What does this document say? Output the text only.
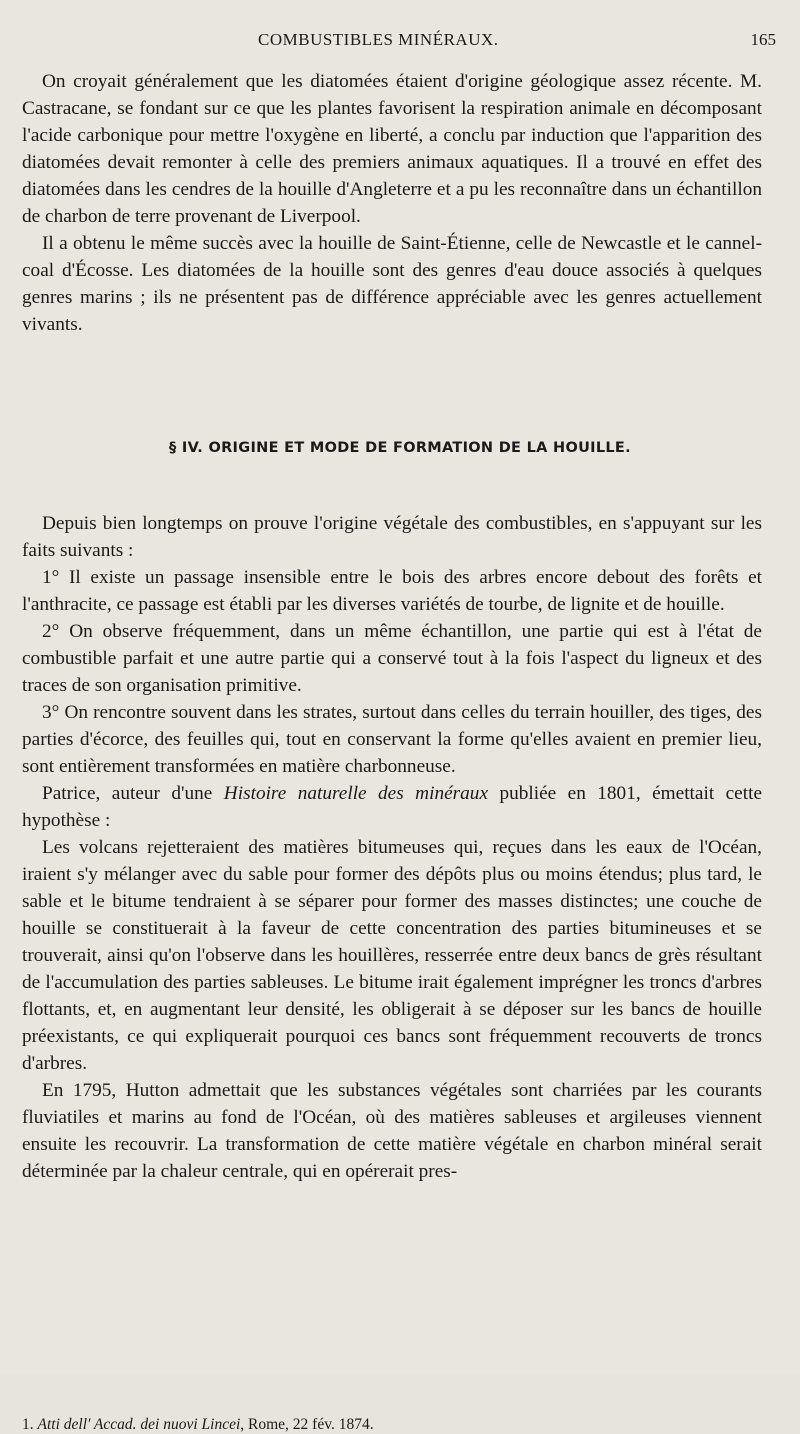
COMBUSTIBLES MINÉRAUX.	165

On croyait généralement que les diatomées étaient d'origine géologique assez récente. M. Castracane, se fondant sur ce que les plantes favorisent la respiration animale en décomposant l'acide carbonique pour mettre l'oxygène en liberté, a conclu par induction que l'apparition des diatomées devait remonter à celle des premiers animaux aquatiques. Il a trouvé en effet des diatomées dans les cendres de la houille d'Angleterre et a pu les reconnaître dans un échantillon de charbon de terre provenant de Liverpool.

Il a obtenu le même succès avec la houille de Saint-Étienne, celle de Newcastle et le cannel-coal d'Écosse. Les diatomées de la houille sont des genres d'eau douce associés à quelques genres marins ; ils ne présentent pas de différence appréciable avec les genres actuellement vivants.

§ IV. ORIGINE ET MODE DE FORMATION DE LA HOUILLE.

Depuis bien longtemps on prouve l'origine végétale des combustibles, en s'appuyant sur les faits suivants :

1° Il existe un passage insensible entre le bois des arbres encore debout des forêts et l'anthracite, ce passage est établi par les diverses variétés de tourbe, de lignite et de houille.

2° On observe fréquemment, dans un même échantillon, une partie qui est à l'état de combustible parfait et une autre partie qui a conservé tout à la fois l'aspect du ligneux et des traces de son organisation primitive.

3° On rencontre souvent dans les strates, surtout dans celles du terrain houiller, des tiges, des parties d'écorce, des feuilles qui, tout en conservant la forme qu'elles avaient en premier lieu, sont entièrement transformées en matière charbonneuse.

Patrice, auteur d'une Histoire naturelle des minéraux publiée en 1801, émettait cette hypothèse :

Les volcans rejetteraient des matières bitumeuses qui, reçues dans les eaux de l'Océan, iraient s'y mélanger avec du sable pour former des dépôts plus ou moins étendus; plus tard, le sable et le bitume tendraient à se séparer pour former des masses distinctes; une couche de houille se constituerait à la faveur de cette concentration des parties bitumineuses et se trouverait, ainsi qu'on l'observe dans les houillères, resserrée entre deux bancs de grès résultant de l'accumulation des parties sableuses. Le bitume irait également imprégner les troncs d'arbres flottants, et, en augmentant leur densité, les obligerait à se déposer sur les bancs de houille préexistants, ce qui expliquerait pourquoi ces bancs sont fréquemment recouverts de troncs d'arbres.

En 1795, Hutton admettait que les substances végétales sont charriées par les courants fluviatiles et marins au fond de l'Océan, où des matières sableuses et argileuses viennent ensuite les recouvrir. La transformation de cette matière végétale en charbon minéral serait déterminée par la chaleur centrale, qui en opérerait pres-

1. Atti dell' Accad. dei nuovi Lincei, Rome, 22 fév. 1874.
